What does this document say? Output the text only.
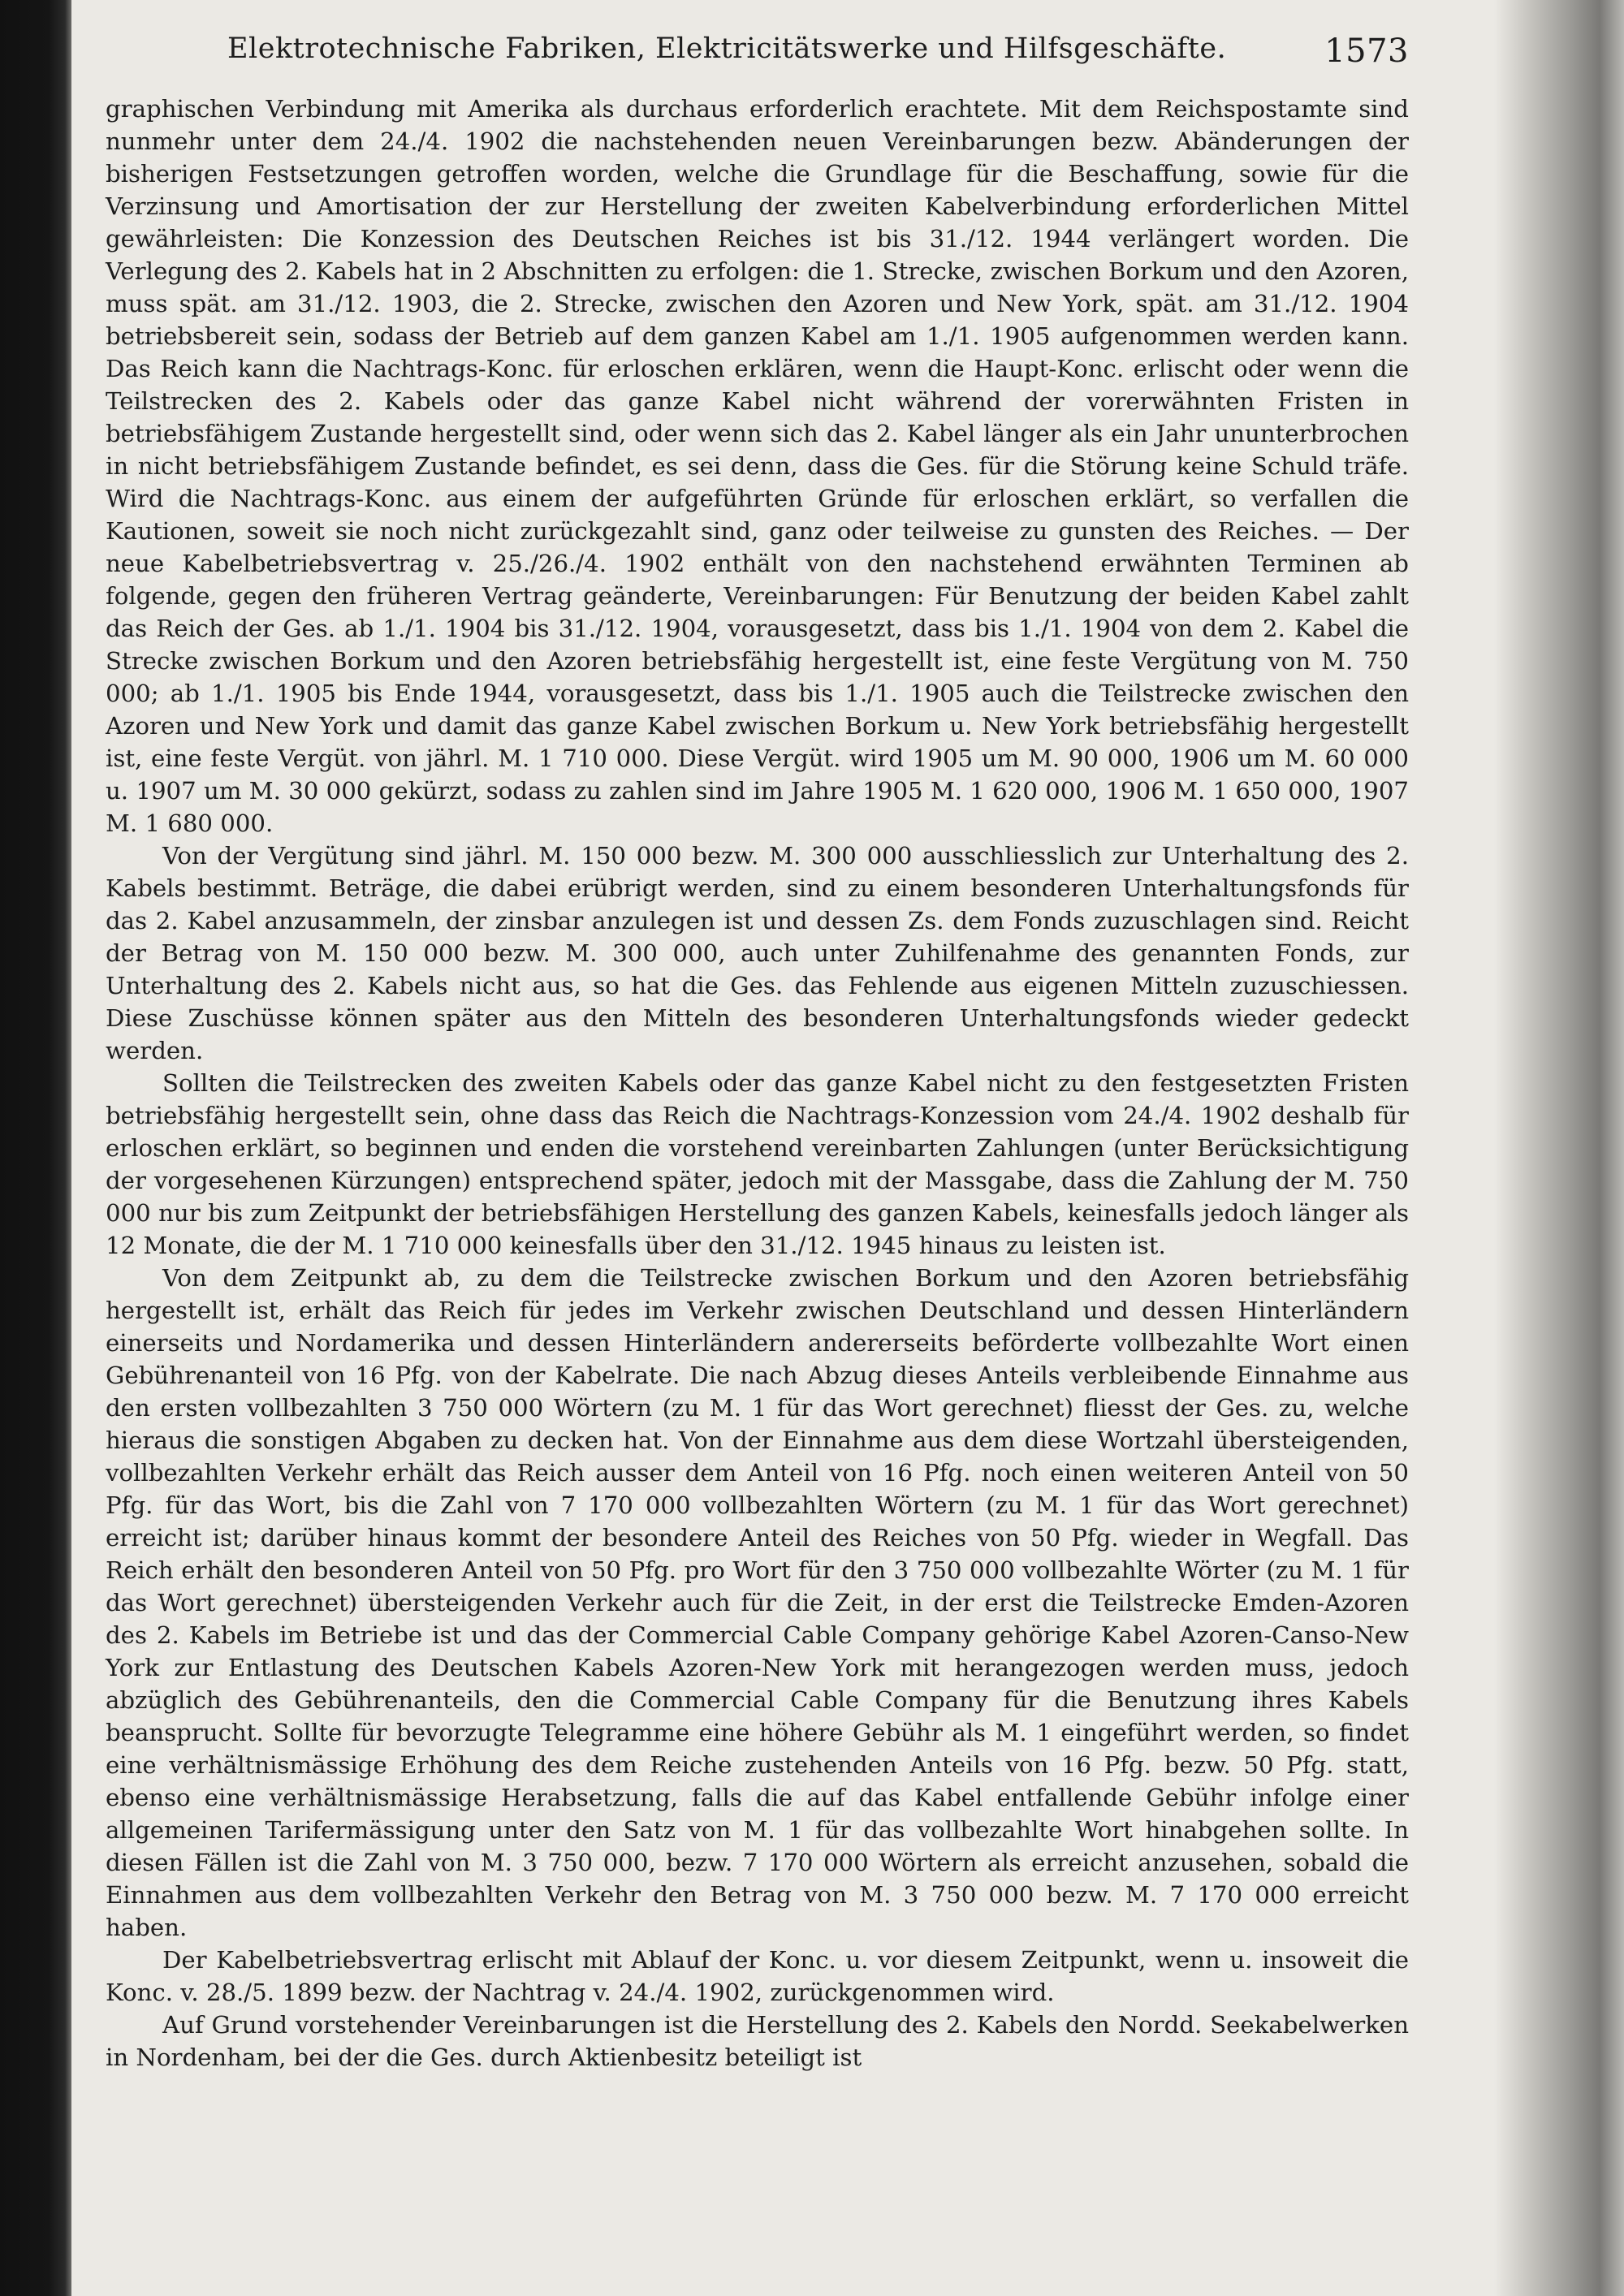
Elektrotechnische Fabriken, Elektricitätswerke und Hilfsgeschäfte.	1573

graphischen Verbindung mit Amerika als durchaus erforderlich erachtete. Mit dem Reichspostamte sind nunmehr unter dem 24./4. 1902 die nachstehenden neuen Vereinbarungen bezw. Abänderungen der bisherigen Festsetzungen getroffen worden, welche die Grundlage für die Beschaffung, sowie für die Verzinsung und Amortisation der zur Herstellung der zweiten Kabelverbindung erforderlichen Mittel gewährleisten: Die Konzession des Deutschen Reiches ist bis 31./12. 1944 verlängert worden. Die Verlegung des 2. Kabels hat in 2 Abschnitten zu erfolgen: die 1. Strecke, zwischen Borkum und den Azoren, muss spät. am 31./12. 1903, die 2. Strecke, zwischen den Azoren und New York, spät. am 31./12. 1904 betriebsbereit sein, sodass der Betrieb auf dem ganzen Kabel am 1./1. 1905 aufgenommen werden kann. Das Reich kann die Nachtrags-Konc. für erloschen erklären, wenn die Haupt-Konc. erlischt oder wenn die Teilstrecken des 2. Kabels oder das ganze Kabel nicht während der vorerwähnten Fristen in betriebsfähigem Zustande hergestellt sind, oder wenn sich das 2. Kabel länger als ein Jahr ununterbrochen in nicht betriebsfähigem Zustande befindet, es sei denn, dass die Ges. für die Störung keine Schuld träfe. Wird die Nachtrags-Konc. aus einem der aufgeführten Gründe für erloschen erklärt, so verfallen die Kautionen, soweit sie noch nicht zurückgezahlt sind, ganz oder teilweise zu gunsten des Reiches. — Der neue Kabelbetriebsvertrag v. 25./26./4. 1902 enthält von den nachstehend erwähnten Terminen ab folgende, gegen den früheren Vertrag geänderte, Vereinbarungen: Für Benutzung der beiden Kabel zahlt das Reich der Ges. ab 1./1. 1904 bis 31./12. 1904, vorausgesetzt, dass bis 1./1. 1904 von dem 2. Kabel die Strecke zwischen Borkum und den Azoren betriebsfähig hergestellt ist, eine feste Vergütung von M. 750 000; ab 1./1. 1905 bis Ende 1944, vorausgesetzt, dass bis 1./1. 1905 auch die Teilstrecke zwischen den Azoren und New York und damit das ganze Kabel zwischen Borkum u. New York betriebsfähig hergestellt ist, eine feste Vergüt. von jährl. M. 1 710 000. Diese Vergüt. wird 1905 um M. 90 000, 1906 um M. 60 000 u. 1907 um M. 30 000 gekürzt, sodass zu zahlen sind im Jahre 1905 M. 1 620 000, 1906 M. 1 650 000, 1907 M. 1 680 000.

Von der Vergütung sind jährl. M. 150 000 bezw. M. 300 000 ausschliesslich zur Unterhaltung des 2. Kabels bestimmt. Beträge, die dabei erübrigt werden, sind zu einem besonderen Unterhaltungsfonds für das 2. Kabel anzusammeln, der zinsbar anzulegen ist und dessen Zs. dem Fonds zuzuschlagen sind. Reicht der Betrag von M. 150 000 bezw. M. 300 000, auch unter Zuhilfenahme des genannten Fonds, zur Unterhaltung des 2. Kabels nicht aus, so hat die Ges. das Fehlende aus eigenen Mitteln zuzuschiessen. Diese Zuschüsse können später aus den Mitteln des besonderen Unterhaltungsfonds wieder gedeckt werden.

Sollten die Teilstrecken des zweiten Kabels oder das ganze Kabel nicht zu den festgesetzten Fristen betriebsfähig hergestellt sein, ohne dass das Reich die Nachtrags-Konzession vom 24./4. 1902 deshalb für erloschen erklärt, so beginnen und enden die vorstehend vereinbarten Zahlungen (unter Berücksichtigung der vorgesehenen Kürzungen) entsprechend später, jedoch mit der Massgabe, dass die Zahlung der M. 750 000 nur bis zum Zeitpunkt der betriebsfähigen Herstellung des ganzen Kabels, keinesfalls jedoch länger als 12 Monate, die der M. 1 710 000 keinesfalls über den 31./12. 1945 hinaus zu leisten ist.

Von dem Zeitpunkt ab, zu dem die Teilstrecke zwischen Borkum und den Azoren betriebsfähig hergestellt ist, erhält das Reich für jedes im Verkehr zwischen Deutschland und dessen Hinterländern einerseits und Nordamerika und dessen Hinterländern andererseits beförderte vollbezahlte Wort einen Gebührenanteil von 16 Pfg. von der Kabelrate. Die nach Abzug dieses Anteils verbleibende Einnahme aus den ersten vollbezahlten 3 750 000 Wörtern (zu M. 1 für das Wort gerechnet) fliesst der Ges. zu, welche hieraus die sonstigen Abgaben zu decken hat. Von der Einnahme aus dem diese Wortzahl übersteigenden, vollbezahlten Verkehr erhält das Reich ausser dem Anteil von 16 Pfg. noch einen weiteren Anteil von 50 Pfg. für das Wort, bis die Zahl von 7 170 000 vollbezahlten Wörtern (zu M. 1 für das Wort gerechnet) erreicht ist; darüber hinaus kommt der besondere Anteil des Reiches von 50 Pfg. wieder in Wegfall. Das Reich erhält den besonderen Anteil von 50 Pfg. pro Wort für den 3 750 000 vollbezahlte Wörter (zu M. 1 für das Wort gerechnet) übersteigenden Verkehr auch für die Zeit, in der erst die Teilstrecke Emden-Azoren des 2. Kabels im Betriebe ist und das der Commercial Cable Company gehörige Kabel Azoren-Canso-New York zur Entlastung des Deutschen Kabels Azoren-New York mit herangezogen werden muss, jedoch abzüglich des Gebührenanteils, den die Commercial Cable Company für die Benutzung ihres Kabels beansprucht. Sollte für bevorzugte Telegramme eine höhere Gebühr als M. 1 eingeführt werden, so findet eine verhältnismässige Erhöhung des dem Reiche zustehenden Anteils von 16 Pfg. bezw. 50 Pfg. statt, ebenso eine verhältnismässige Herabsetzung, falls die auf das Kabel entfallende Gebühr infolge einer allgemeinen Tarifermässigung unter den Satz von M. 1 für das vollbezahlte Wort hinabgehen sollte. In diesen Fällen ist die Zahl von M. 3 750 000, bezw. 7 170 000 Wörtern als erreicht anzusehen, sobald die Einnahmen aus dem vollbezahlten Verkehr den Betrag von M. 3 750 000 bezw. M. 7 170 000 erreicht haben.

Der Kabelbetriebsvertrag erlischt mit Ablauf der Konc. u. vor diesem Zeitpunkt, wenn u. insoweit die Konc. v. 28./5. 1899 bezw. der Nachtrag v. 24./4. 1902, zurückgenommen wird.

Auf Grund vorstehender Vereinbarungen ist die Herstellung des 2. Kabels den Nordd. Seekabelwerken in Nordenham, bei der die Ges. durch Aktienbesitz beteiligt ist
